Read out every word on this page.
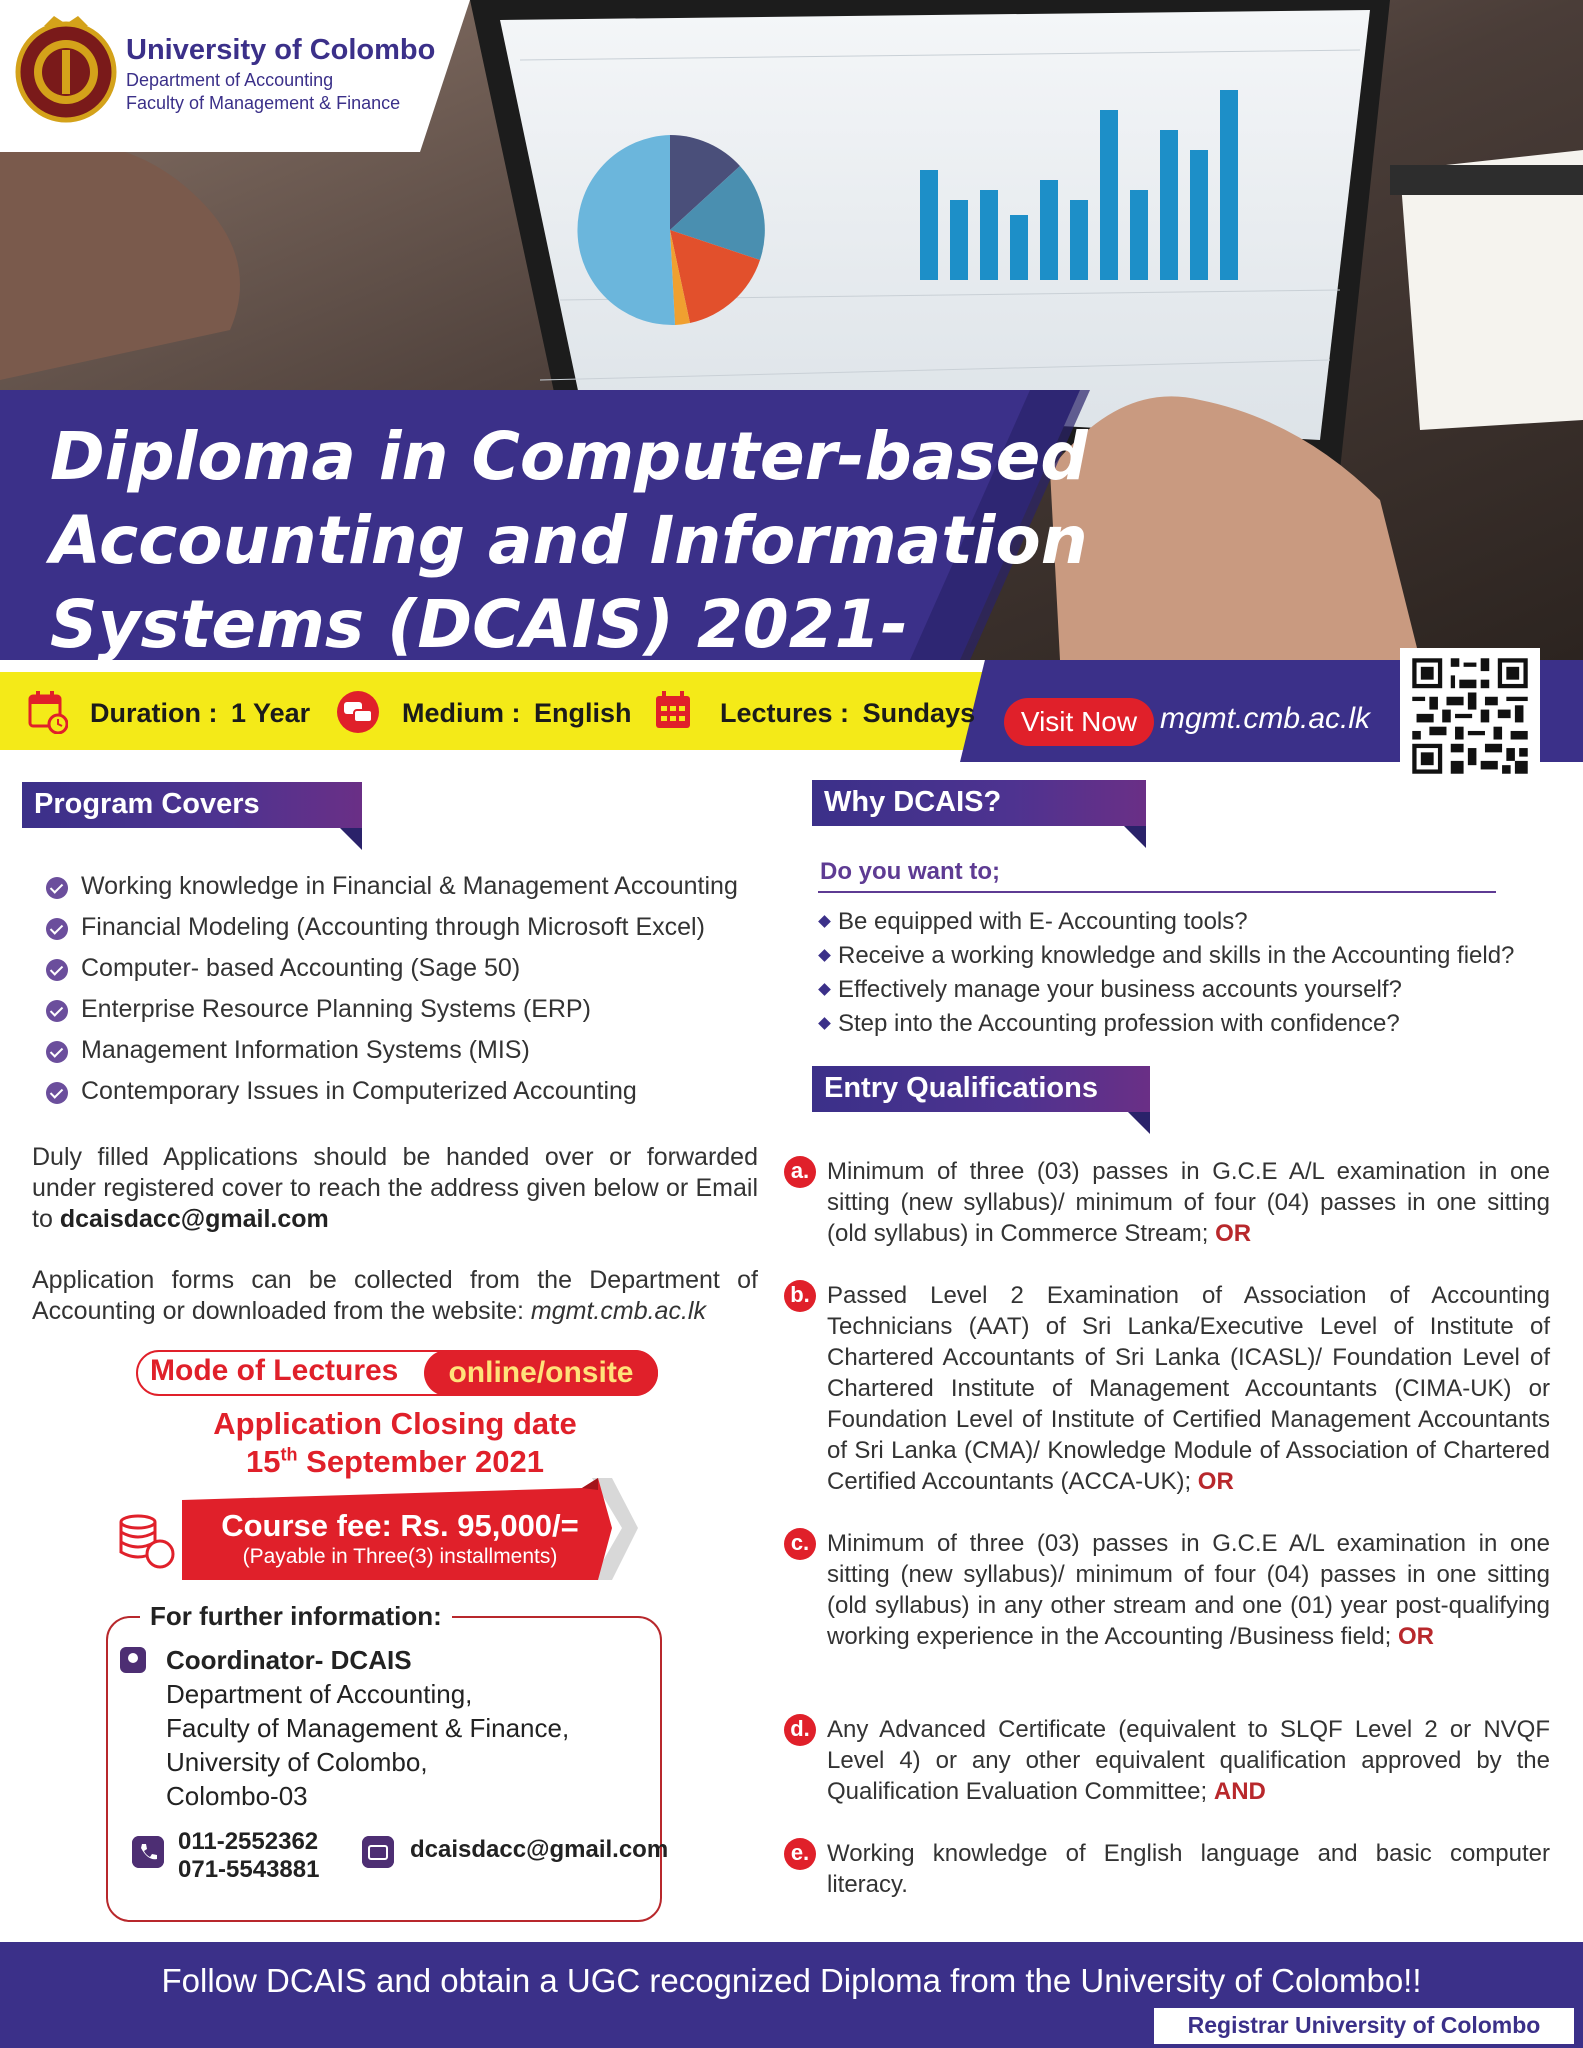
University of Colombo
Department of Accounting
Faculty of Management & Finance
Diploma in Computer-based
Accounting and Information
Systems (DCAIS) 2021-
Duration : 1 Year	Medium : English	Lectures : Sundays	Visit Now mgmt.cmb.ac.lk
Program Covers
Working knowledge in Financial & Management Accounting
Financial Modeling (Accounting through Microsoft Excel)
Computer- based Accounting (Sage 50)
Enterprise Resource Planning Systems (ERP)
Management Information Systems (MIS)
Contemporary Issues in Computerized Accounting
Duly filled Applications should be handed over or forwarded under registered cover to reach the address given below or Email to dcaisdacc@gmail.com
Application forms can be collected from the Department of Accounting or downloaded from the website: mgmt.cmb.ac.lk
Mode of Lectures	online/onsite
Application Closing date
15th September 2021
Course fee: Rs. 95,000/=
(Payable in Three(3) installments)
For further information:
Coordinator- DCAIS
Department of Accounting,
Faculty of Management & Finance,
University of Colombo,
Colombo-03
011-2552362
071-5543881
dcaisdacc@gmail.com
Why DCAIS?
Do you want to;
Be equipped with E- Accounting tools?
Receive a working knowledge and skills in the Accounting field?
Effectively manage your business accounts yourself?
Step into the Accounting profession with confidence?
Entry Qualifications
a. Minimum of three (03) passes in G.C.E A/L examination in one sitting (new syllabus)/ minimum of four (04) passes in one sitting (old syllabus) in Commerce Stream; OR
b. Passed Level 2 Examination of Association of Accounting Technicians (AAT) of Sri Lanka/Executive Level of Institute of Chartered Accountants of Sri Lanka (ICASL)/ Foundation Level of Chartered Institute of Management Accountants (CIMA-UK) or Foundation Level of Institute of Certified Management Accountants of Sri Lanka (CMA)/ Knowledge Module of Association of Chartered Certified Accountants (ACCA-UK); OR
c. Minimum of three (03) passes in G.C.E A/L examination in one sitting (new syllabus)/ minimum of four (04) passes in one sitting (old syllabus) in any other stream and one (01) year post-qualifying working experience in the Accounting /Business field; OR
d. Any Advanced Certificate (equivalent to SLQF Level 2 or NVQF Level 4) or any other equivalent qualification approved by the Qualification Evaluation Committee; AND
e. Working knowledge of English language and basic computer literacy.
Follow DCAIS and obtain a UGC recognized Diploma from the University of Colombo!!
Registrar University of Colombo
